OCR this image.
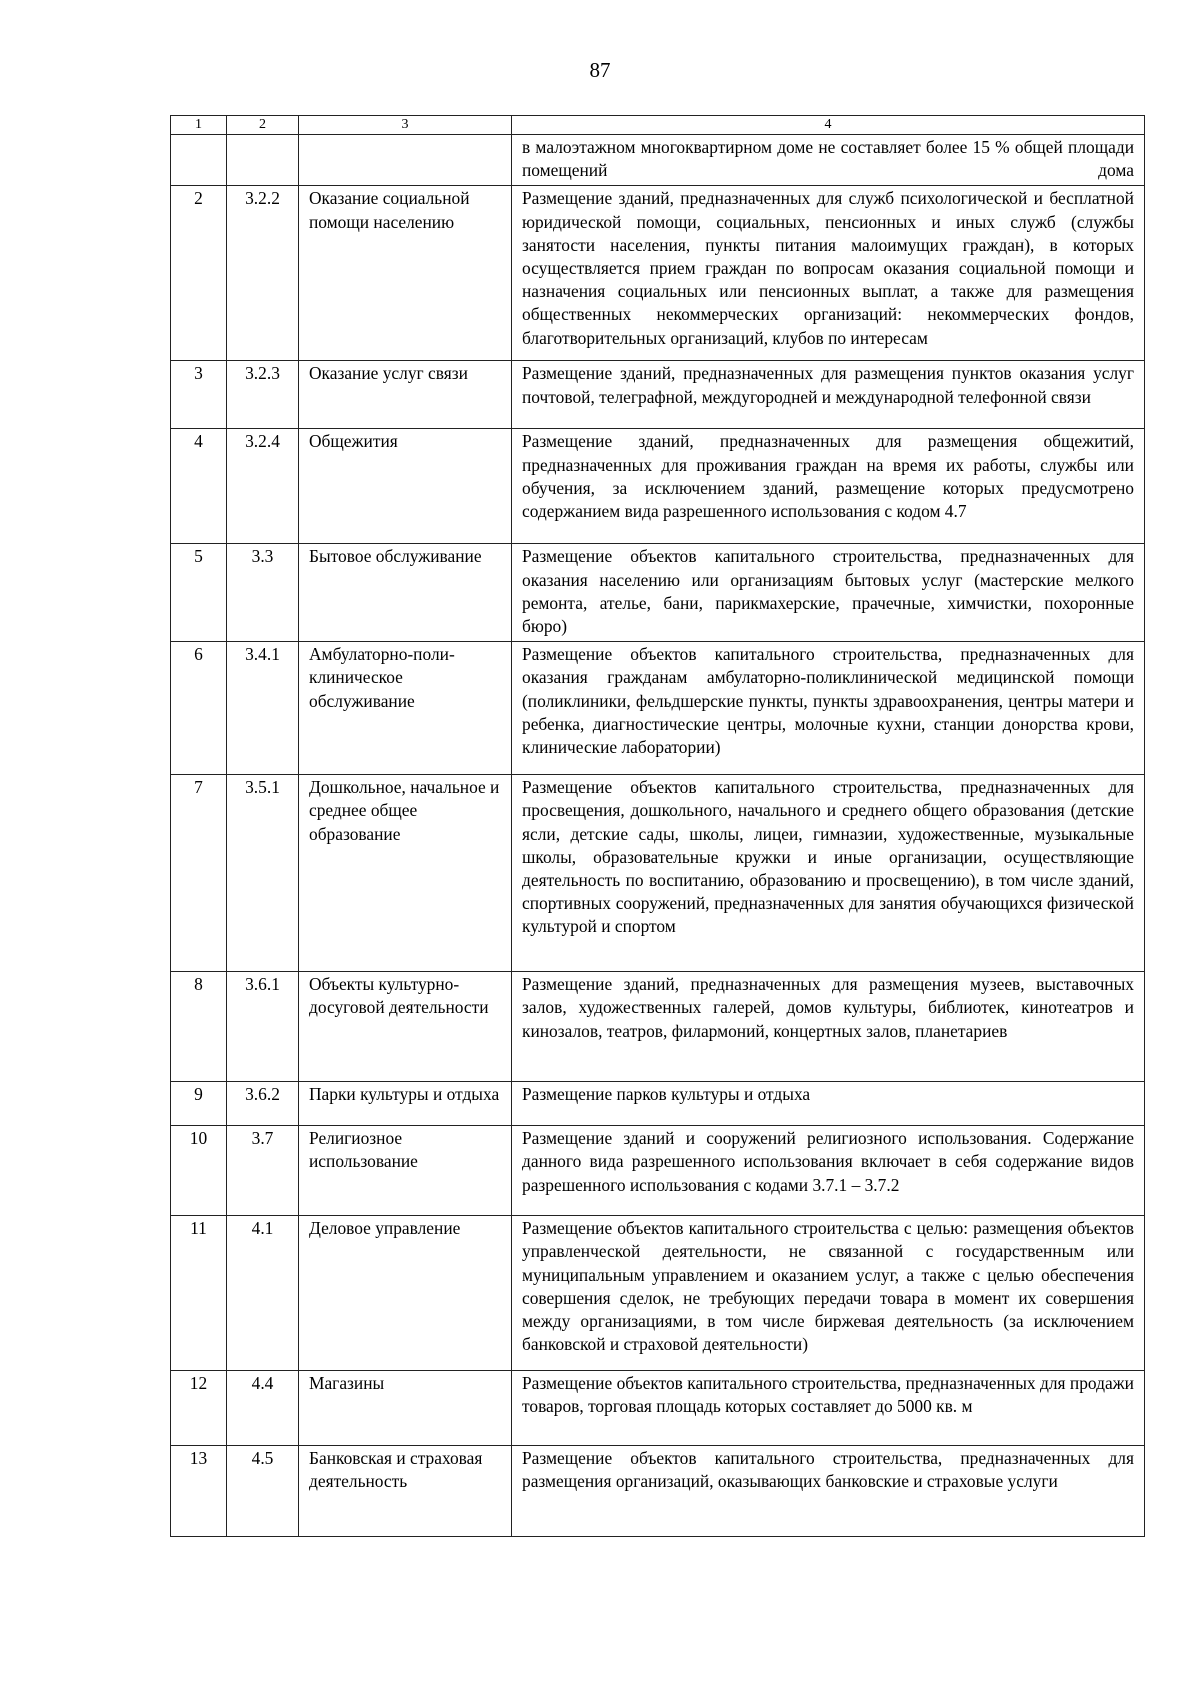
87
1	2	3	4
			в малоэтажном многоквартирном доме не составляет более 15 % общей площади помещений дома
2	3.2.2	Оказание социальной помощи населению	Размещение зданий, предназначенных для служб психологической и бесплатной юридической помощи, социальных, пенсионных и иных служб (службы занятости населения, пункты питания малоимущих граждан), в которых осуществляется прием граждан по вопросам оказания социальной помощи и назначения социальных или пенсионных выплат, а также для размещения общественных некоммерческих организаций: некоммерческих фондов, благотворительных организаций, клубов по интересам
3	3.2.3	Оказание услуг связи	Размещение зданий, предназначенных для размещения пунктов оказания услуг почтовой, телеграфной, междугородней и международной телефонной связи
4	3.2.4	Общежития	Размещение зданий, предназначенных для размещения общежитий, предназначенных для проживания граждан на время их работы, службы или обучения, за исключением зданий, размещение которых предусмотрено содержанием вида разрешенного использования с кодом 4.7
5	3.3	Бытовое обслуживание	Размещение объектов капитального строительства, предназначенных для оказания населению или организациям бытовых услуг (мастерские мелкого ремонта, ателье, бани, парикмахерские, прачечные, химчистки, похоронные бюро)
6	3.4.1	Амбулаторно-поли-клиническое обслуживание	Размещение объектов капитального строительства, предназначенных для оказания гражданам амбулаторно-поликлинической медицинской помощи (поликлиники, фельдшерские пункты, пункты здравоохранения, центры матери и ребенка, диагностические центры, молочные кухни, станции донорства крови, клинические лаборатории)
7	3.5.1	Дошкольное, начальное и среднее общее образование	Размещение объектов капитального строительства, предназначенных для просвещения, дошкольного, начального и среднего общего образования (детские ясли, детские сады, школы, лицеи, гимназии, художественные, музыкальные школы, образовательные кружки и иные организации, осуществляющие деятельность по воспитанию, образованию и просвещению), в том числе зданий, спортивных сооружений, предназначенных для занятия обучающихся физической культурой и спортом
8	3.6.1	Объекты культурно-досуговой деятельности	Размещение зданий, предназначенных для размещения музеев, выставочных залов, художественных галерей, домов культуры, библиотек, кинотеатров и кинозалов, театров, филармоний, концертных залов, планетариев
9	3.6.2	Парки культуры и отдыха	Размещение парков культуры и отдыха
10	3.7	Религиозное использование	Размещение зданий и сооружений религиозного использования. Содержание данного вида разрешенного использования включает в себя содержание видов разрешенного использования с кодами 3.7.1 – 3.7.2
11	4.1	Деловое управление	Размещение объектов капитального строительства с целью: размещения объектов управленческой деятельности, не связанной с государственным или муниципальным управлением и оказанием услуг, а также с целью обеспечения совершения сделок, не требующих передачи товара в момент их совершения между организациями, в том числе биржевая деятельность (за исключением банковской и страховой деятельности)
12	4.4	Магазины	Размещение объектов капитального строительства, предназначенных для продажи товаров, торговая площадь которых составляет до 5000 кв. м
13	4.5	Банковская и страховая деятельность	Размещение объектов капитального строительства, предназначенных для размещения организаций, оказывающих банковские и страховые услуги
